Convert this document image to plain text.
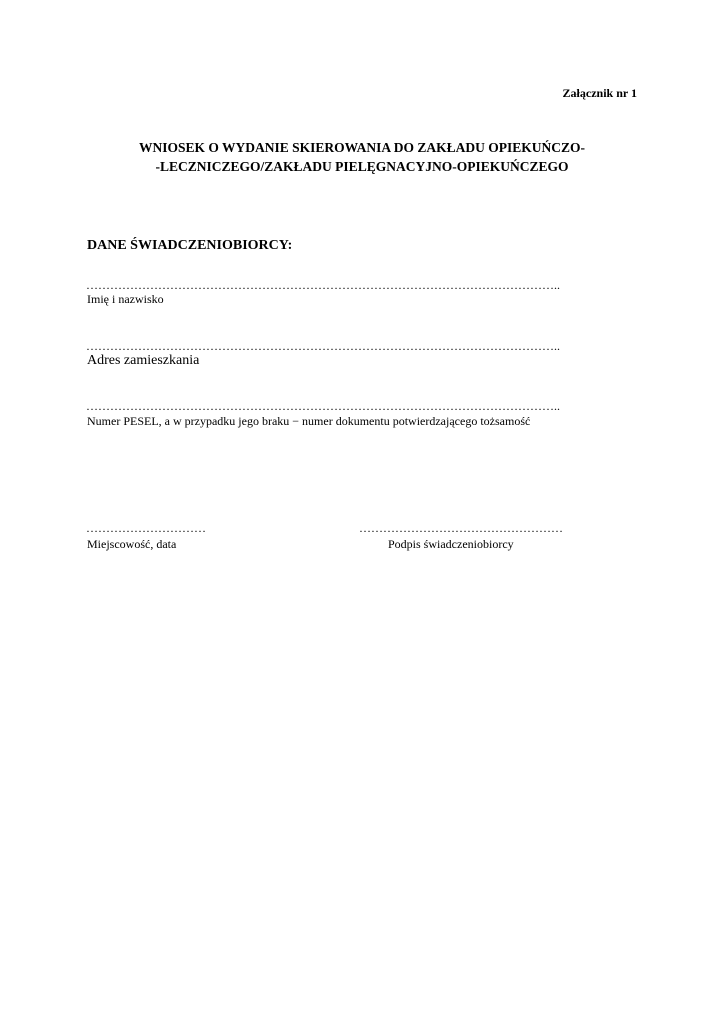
Załącznik nr 1
WNIOSEK O WYDANIE SKIEROWANIA DO ZAKŁADU OPIEKUŃCZO-
-LECZNICZEGO/ZAKŁADU PIELĘGNACYJNO-OPIEKUŃCZEGO
DANE ŚWIADCZENIOBIORCY:
………………………………………………………………………………………………………..
Imię i nazwisko
………………………………………………………………………………………………………..
Adres zamieszkania
………………………………………………………………………………………………………..
Numer PESEL, a w przypadku jego braku − numer dokumentu potwierdzającego tożsamość
…………………………
Miejscowość, data
……………………………………………
Podpis świadczeniobiorcy
